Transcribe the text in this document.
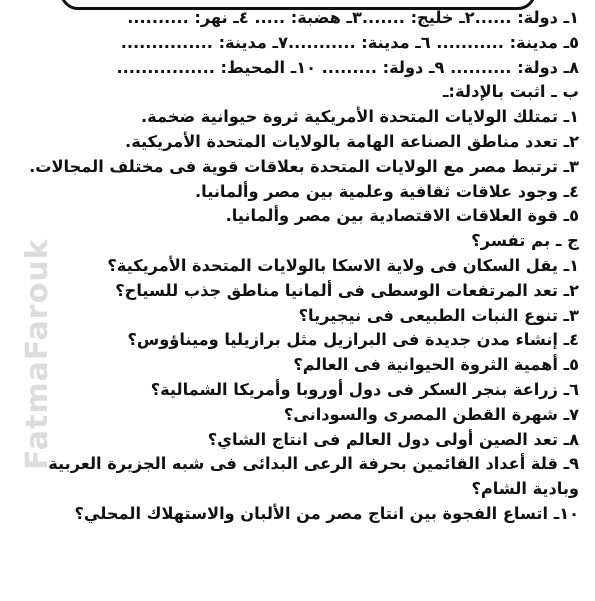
١ـ دولة: ......٢ـ خليج: .......٣ـ هضبة: ..... ٤ـ نهر: ..........
٥ـ مدينة: ........... ٦ـ مدينة: ...........٧ـ مدينة: ...............
٨ـ دولة: .......... ٩ـ دولة: ......... ١٠ـ المحيط: ................
ب ـ اثبت بالإدلة:ـ
١ـ تمتلك الولايات المتحدة الأمريكية ثروة حيوانية ضخمة.
٢ـ تعدد مناطق الصناعة الهامة بالولايات المتحدة الأمريكية.
٣ـ ترتبط مصر مع الولايات المتحدة بعلاقات قوية فى مختلف المجالات.
٤ـ وجود علاقات ثقافية وعلمية بين مصر وألمانيا.
٥ـ قوة العلاقات الاقتصادية بين مصر وألمانيا.
ج ـ بم تفسر؟
١ـ يقل السكان فى ولاية الاسكا بالولايات المتحدة الأمريكية؟
٢ـ تعد المرتفعات الوسطى فى ألمانيا مناطق جذب للسياح؟
٣ـ تنوع النبات الطبيعى فى نيجيريا؟
٤ـ إنشاء مدن جديدة فى البرازيل مثل برازيليا وميناؤوس؟
٥ـ أهمية الثروة الحيوانية فى العالم؟
٦ـ زراعة بنجر السكر فى دول أوروبا وأمريكا الشمالية؟
٧ـ شهرة القطن المصرى والسودانى؟
٨ـ تعد الصين أولى دول العالم فى انتاج الشاي؟
٩ـ قلة أعداد القائمين بحرفة الرعى البدائى فى شبه الجزيرة العربية وبادية الشام؟
١٠ـ اتساع الفجوة بين انتاج مصر من الألبان والاستهلاك المحلي؟
FatmaFarouk
